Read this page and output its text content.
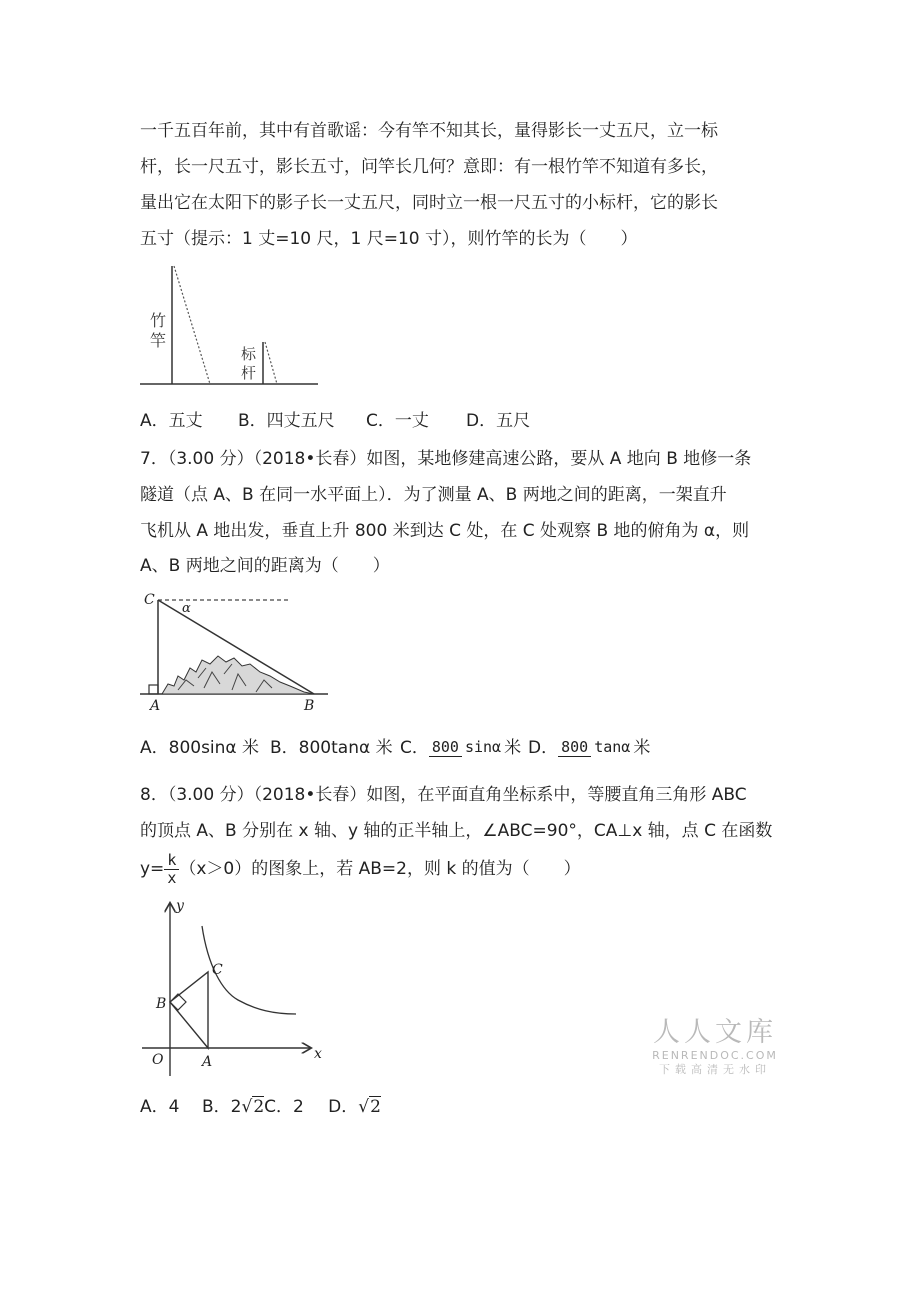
一千五百年前，其中有首歌谣：今有竿不知其长，量得影长一丈五尺，立一标
杆，长一尺五寸，影长五寸，问竿长几何？意即：有一根竹竿不知道有多长，
量出它在太阳下的影子长一丈五尺，同时立一根一尺五寸的小标杆，它的影长
五寸（提示：1 丈=10 尺，1 尺=10 寸），则竹竿的长为（　　）
竹
竿
标
杆
A．五丈 B．四丈五尺 C．一丈 D．五尺
7．（3.00 分）（2018•长春）如图，某地修建高速公路，要从 A 地向 B 地修一条
隧道（点 A、B 在同一水平面上）．为了测量 A、B 两地之间的距离，一架直升
飞机从 A 地出发，垂直上升 800 米到达 C 处，在 C 处观察 B 地的俯角为 α，则
A、B 两地之间的距离为（　　）
C
α
A	B
A．800sinα 米 B．800tanα 米 C． 800 sinα 米 D． 800 tanα 米
8．（3.00 分）（2018•长春）如图，在平面直角坐标系中，等腰直角三角形 ABC
的顶点 A、B 分别在 x 轴、y 轴的正半轴上，∠ABC=90°，CA⊥x 轴，点 C 在函数
$y= \frac{k}{x} (x>0)$的图象上，若 AB=2，则 k 的值为（　　）
y
x
O	A
B
C
A．4 B．2√2C．2 D．√2
人人文库
RENRENDOC.COM
下载高清无水印
